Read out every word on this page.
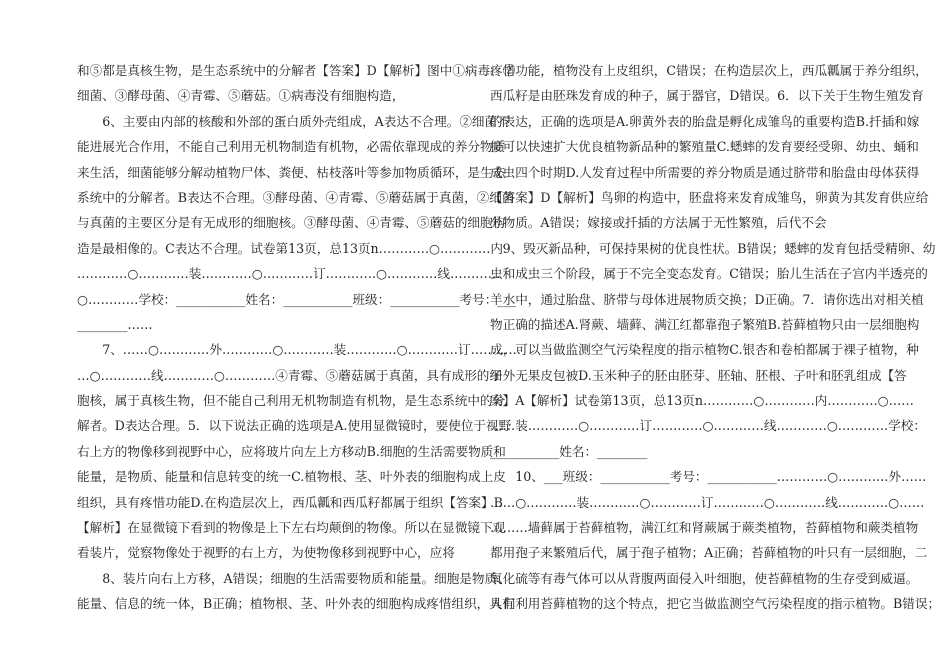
和⑤都是真核生物，是生态系统中的分解者【答案】D【解析】图中①病毒、②
细菌、③酵母菌、④青霉、⑤蘑菇。①病毒没有细胞构造，
　　6、主要由内部的核酸和外部的蛋白质外壳组成，A表达不合理。②细菌不
能进展光合作用，不能自己利用无机物制造有机物，必需依靠现成的养分物质
来生活，细菌能够分解动植物尸体、粪便、枯枝落叶等参加物质循环，是生态
系统中的分解者。B表达不合理。③酵母菌、④青霉、⑤蘑菇属于真菌，②细菌
与真菌的主要区分是有无成形的细胞核。③酵母菌、④青霉、⑤蘑菇的细胞构
造是最相像的。C表达不合理。试卷第13页，总13页n…………○…………内
…………○…………装…………○…………订…………○…………线…………
○…………学校：___________姓名：___________班级：___________考号：___
________……
　　7、……○…………外…………○…………装…………○…………订…………
…○…………线…………○…………④青霉、⑤蘑菇属于真菌，具有成形的细
胞核，属于真核生物，但不能自己利用无机物制造有机物，是生态系统中的分
解者。D表达合理。5．以下说法正确的选项是A.使用显微镜时，要使位于视野
右上方的物像移到视野中心，应将玻片向左上方移动B.细胞的生活需要物质和
能量，是物质、能量和信息转变的统一C.植物根、茎、叶外表的细胞构成上皮
组织，具有疼惜功能D.在构造层次上，西瓜瓤和西瓜籽都属于组织【答案】B
【解析】在显微镜下看到的物像是上下左右均颠倒的物像。所以在显微镜下观
看装片，觉察物像处于视野的右上方，为使物像移到视野中心，应将
　　8、装片向右上方移，A错误；细胞的生活需要物质和能量。细胞是物质、
能量、信息的统一体，B正确；植物根、茎、叶外表的细胞构成疼惜组织，具有
疼惜功能，植物没有上皮组织，C错误；在构造层次上，西瓜瓤属于养分组织，
西瓜籽是由胚珠发育成的种子，属于器官，D错误。6．以下关于生物生殖发育
的表达，正确的选项是A.卵黄外表的胎盘是孵化成雏鸟的重要构造B.扦插和嫁
接可以快速扩大优良植物新品种的繁殖量C.蟋蟀的发育要经受卵、幼虫、蛹和
成虫四个时期D.人发育过程中所需要的养分物质是通过脐带和胎盘由母体获得
【答案】D【解析】鸟卵的构造中，胚盘将来发育成雏鸟，卵黄为其发育供应给
分物质。A错误；嫁接或扦插的方法属于无性繁殖，后代不会
　9、毁灭新品种，可保持果树的优良性状。B错误；蟋蟀的发育包括受精卵、幼
虫和成虫三个阶段，属于不完全变态发育。C错误；胎儿生活在子宫内半透亮的
羊水中，通过胎盘、脐带与母体进展物质交换；D正确。7．请你选出对相关植
物正确的描述A.肾蕨、墙藓、满江红都靠孢子繁殖B.苔藓植物只由一层细胞构
成，可以当做监测空气污染程度的指示植物C.银杏和卷柏都属于裸子植物，种
子外无果皮包被D.玉米种子的胚由胚芽、胚轴、胚根、子叶和胚乳组成【答
案】A【解析】试卷第13页，总13页n…………○…………内…………○……
……装…………○…………订…………○…………线…………○…………学校：
___________姓名：________
　　10、___班级：___________考号：___________…………○…………外……
……○…………装…………○…………订…………○…………线…………○……
………墙藓属于苔藓植物，满江红和肾蕨属于蕨类植物，苔藓植物和蕨类植物
都用孢子来繁殖后代，属于孢子植物；A正确；苔藓植物的叶只有一层细胞，二
氧化硫等有毒气体可以从背腹两面侵入叶细胞，使苔藓植物的生存受到威逼。
人们利用苔藓植物的这个特点，把它当做监测空气污染程度的指示植物。B错误；
